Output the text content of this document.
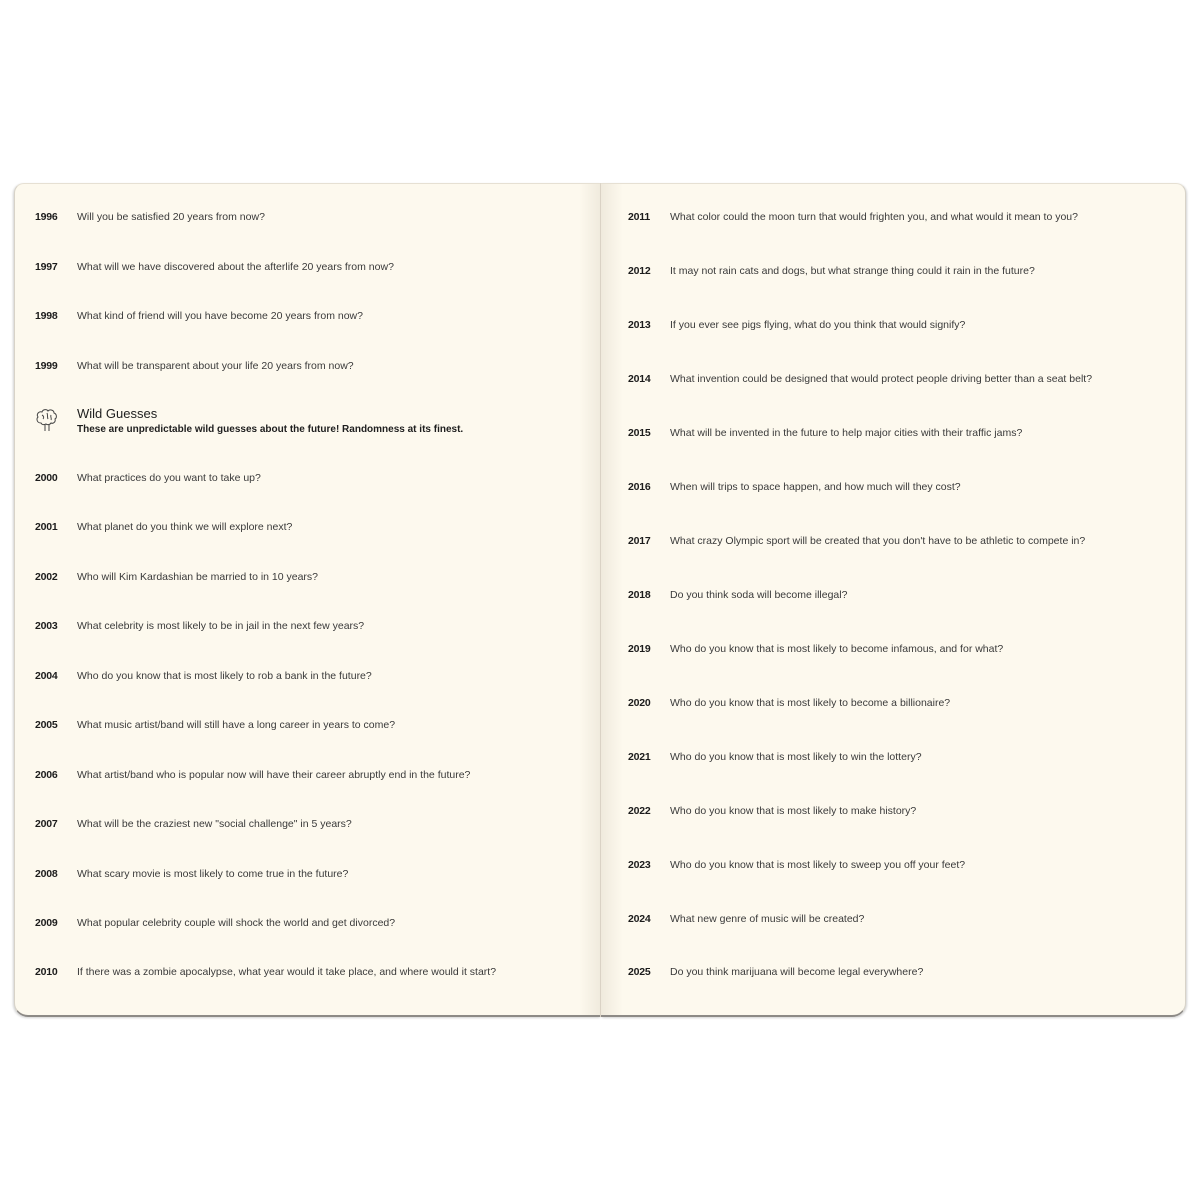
1996	Will you be satisfied 20 years from now?
1997	What will we have discovered about the afterlife 20 years from now?
1998	What kind of friend will you have become 20 years from now?
1999	What will be transparent about your life 20 years from now?
Wild Guesses
These are unpredictable wild guesses about the future! Randomness at its finest.
2000	What practices do you want to take up?
2001	What planet do you think we will explore next?
2002	Who will Kim Kardashian be married to in 10 years?
2003	What celebrity is most likely to be in jail in the next few years?
2004	Who do you know that is most likely to rob a bank in the future?
2005	What music artist/band will still have a long career in years to come?
2006	What artist/band who is popular now will have their career abruptly end in the future?
2007	What will be the craziest new "social challenge" in 5 years?
2008	What scary movie is most likely to come true in the future?
2009	What popular celebrity couple will shock the world and get divorced?
2010	If there was a zombie apocalypse, what year would it take place, and where would it start?
2011	What color could the moon turn that would frighten you, and what would it mean to you?
2012	It may not rain cats and dogs, but what strange thing could it rain in the future?
2013	If you ever see pigs flying, what do you think that would signify?
2014	What invention could be designed that would protect people driving better than a seat belt?
2015	What will be invented in the future to help major cities with their traffic jams?
2016	When will trips to space happen, and how much will they cost?
2017	What crazy Olympic sport will be created that you don't have to be athletic to compete in?
2018	Do you think soda will become illegal?
2019	Who do you know that is most likely to become infamous, and for what?
2020	Who do you know that is most likely to become a billionaire?
2021	Who do you know that is most likely to win the lottery?
2022	Who do you know that is most likely to make history?
2023	Who do you know that is most likely to sweep you off your feet?
2024	What new genre of music will be created?
2025	Do you think marijuana will become legal everywhere?
